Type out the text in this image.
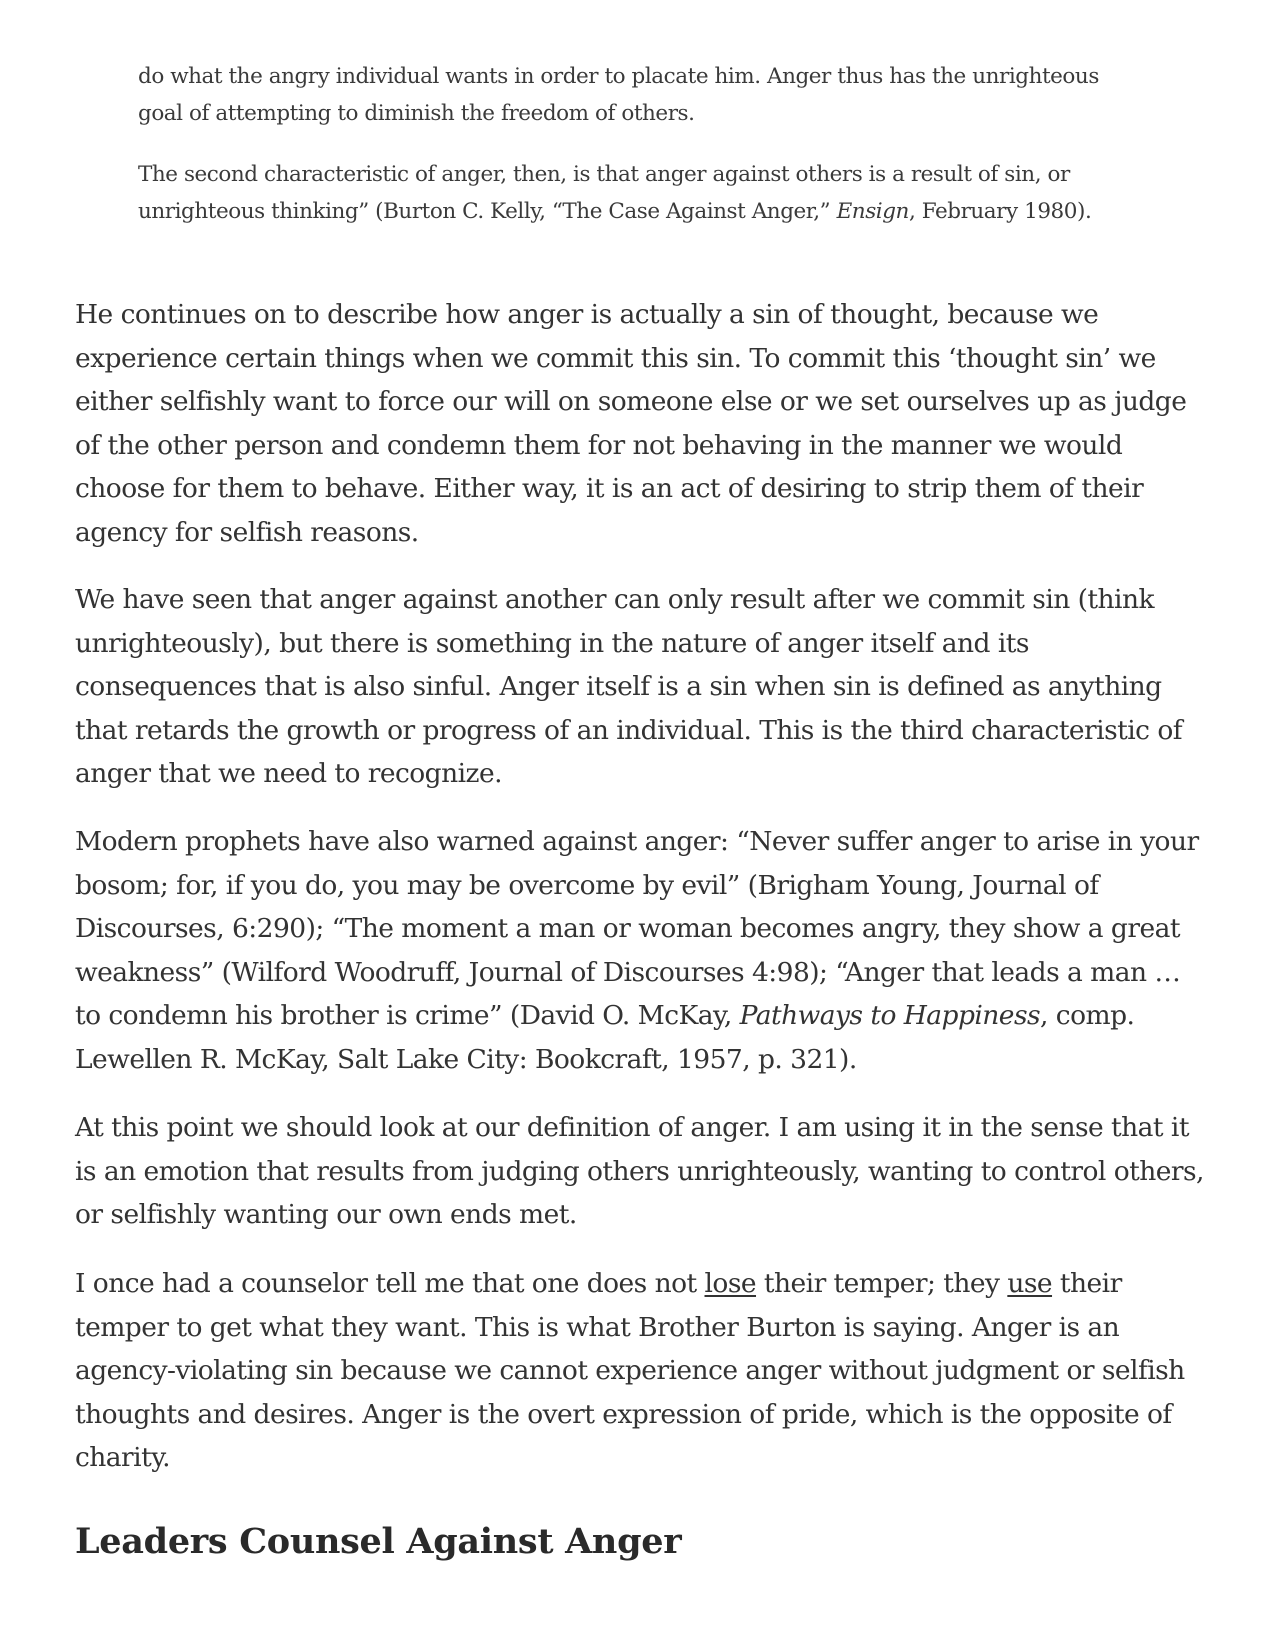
do what the angry individual wants in order to placate him. Anger thus has the unrighteous goal of attempting to diminish the freedom of others.

The second characteristic of anger, then, is that anger against others is a result of sin, or unrighteous thinking” (Burton C. Kelly, “The Case Against Anger,” Ensign, February 1980).

He continues on to describe how anger is actually a sin of thought, because we experience certain things when we commit this sin. To commit this ‘thought sin’ we either selfishly want to force our will on someone else or we set ourselves up as judge of the other person and condemn them for not behaving in the manner we would choose for them to behave. Either way, it is an act of desiring to strip them of their agency for selfish reasons.

We have seen that anger against another can only result after we commit sin (think unrighteously), but there is something in the nature of anger itself and its consequences that is also sinful. Anger itself is a sin when sin is defined as anything that retards the growth or progress of an individual. This is the third characteristic of anger that we need to recognize.

Modern prophets have also warned against anger: “Never suffer anger to arise in your bosom; for, if you do, you may be overcome by evil” (Brigham Young, Journal of Discourses, 6:290); “The moment a man or woman becomes angry, they show a great weakness” (Wilford Woodruff, Journal of Discourses 4:98); “Anger that leads a man … to condemn his brother is crime” (David O. McKay, Pathways to Happiness, comp. Lewellen R. McKay, Salt Lake City: Bookcraft, 1957, p. 321).

At this point we should look at our definition of anger. I am using it in the sense that it is an emotion that results from judging others unrighteously, wanting to control others, or selfishly wanting our own ends met.

I once had a counselor tell me that one does not lose their temper; they use their temper to get what they want. This is what Brother Burton is saying. Anger is an agency-violating sin because we cannot experience anger without judgment or selfish thoughts and desires. Anger is the overt expression of pride, which is the opposite of charity.

Leaders Counsel Against Anger
